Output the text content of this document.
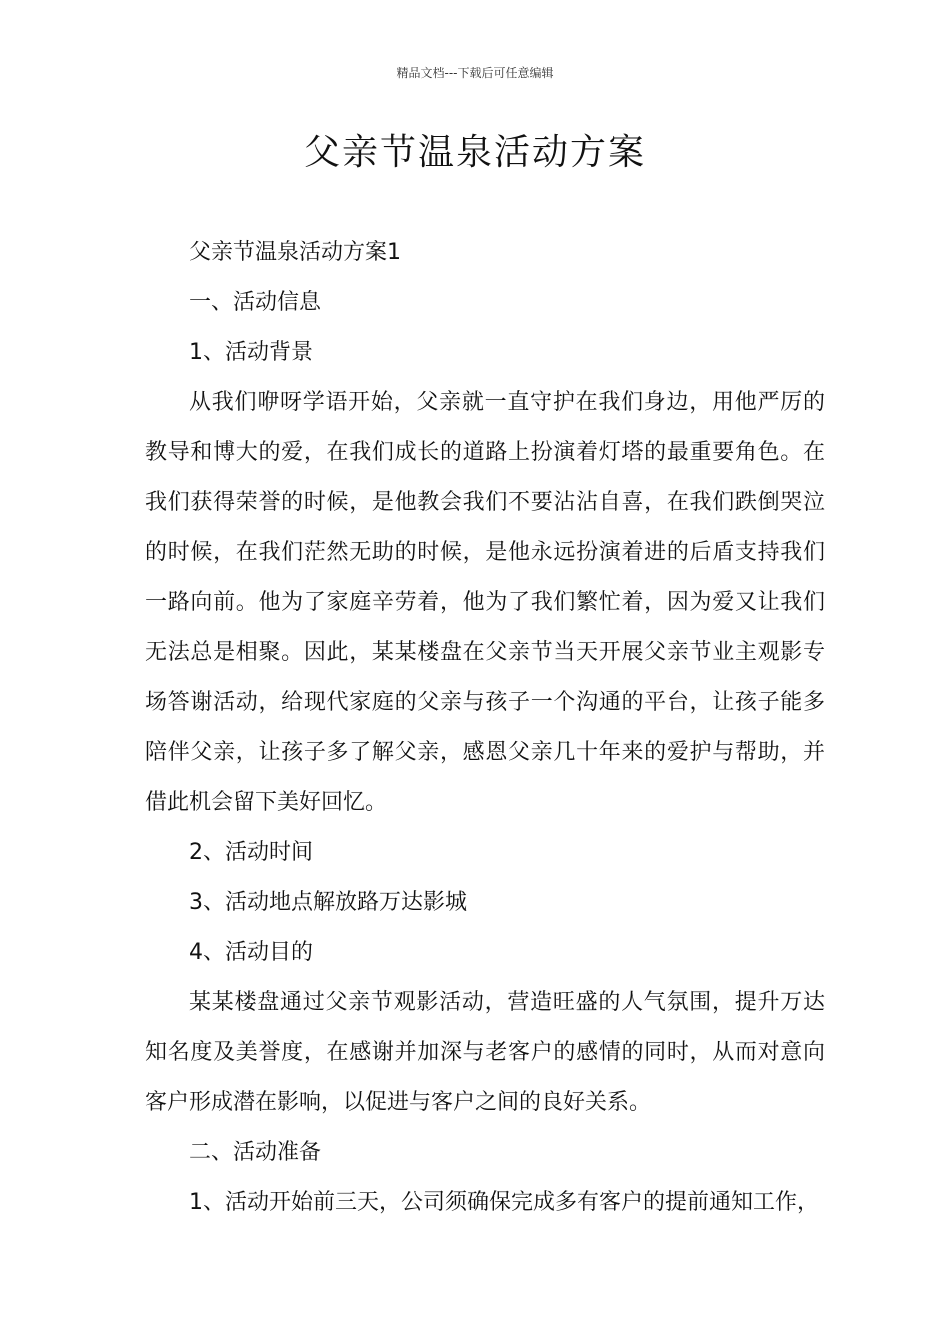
精品文档---下载后可任意编辑
父亲节温泉活动方案

父亲节温泉活动方案1

一、活动信息

1、活动背景

从我们咿呀学语开始，父亲就一直守护在我们身边，用他严厉的教导和博大的爱，在我们成长的道路上扮演着灯塔的最重要角色。在我们获得荣誉的时候，是他教会我们不要沾沾自喜，在我们跌倒哭泣的时候，在我们茫然无助的时候，是他永远扮演着进的后盾支持我们一路向前。他为了家庭辛劳着，他为了我们繁忙着，因为爱又让我们无法总是相聚。因此，某某楼盘在父亲节当天开展父亲节业主观影专场答谢活动，给现代家庭的父亲与孩子一个沟通的平台，让孩子能多陪伴父亲，让孩子多了解父亲，感恩父亲几十年来的爱护与帮助，并借此机会留下美好回忆。

2、活动时间

3、活动地点解放路万达影城

4、活动目的

某某楼盘通过父亲节观影活动，营造旺盛的人气氛围，提升万达知名度及美誉度，在感谢并加深与老客户的感情的同时，从而对意向客户形成潜在影响，以促进与客户之间的良好关系。

二、活动准备

1、活动开始前三天，公司须确保完成多有客户的提前通知工作，
